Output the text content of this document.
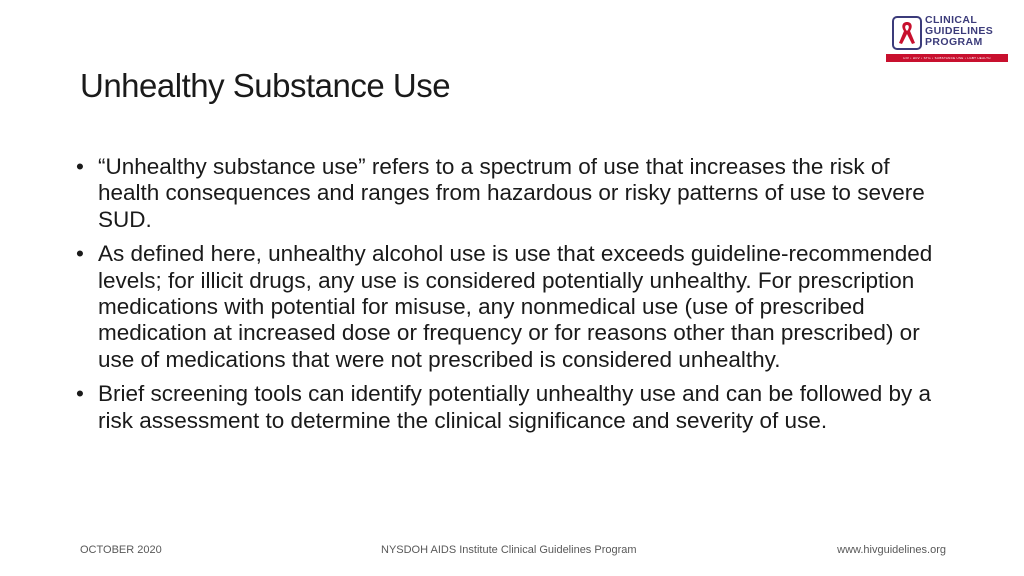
CLINICAL
GUIDELINES
PROGRAM
HIV • HCV • STIs • SUBSTANCE USE • LGBT HEALTH
Unhealthy Substance Use
• “Unhealthy substance use” refers to a spectrum of use that increases the risk of health consequences and ranges from hazardous or risky patterns of use to severe SUD.
• As defined here, unhealthy alcohol use is use that exceeds guideline-recommended levels; for illicit drugs, any use is considered potentially unhealthy. For prescription medications with potential for misuse, any nonmedical use (use of prescribed medication at increased dose or frequency or for reasons other than prescribed) or use of medications that were not prescribed is considered unhealthy.
• Brief screening tools can identify potentially unhealthy use and can be followed by a risk assessment to determine the clinical significance and severity of use.
OCTOBER 2020	NYSDOH AIDS Institute Clinical Guidelines Program	www.hivguidelines.org
